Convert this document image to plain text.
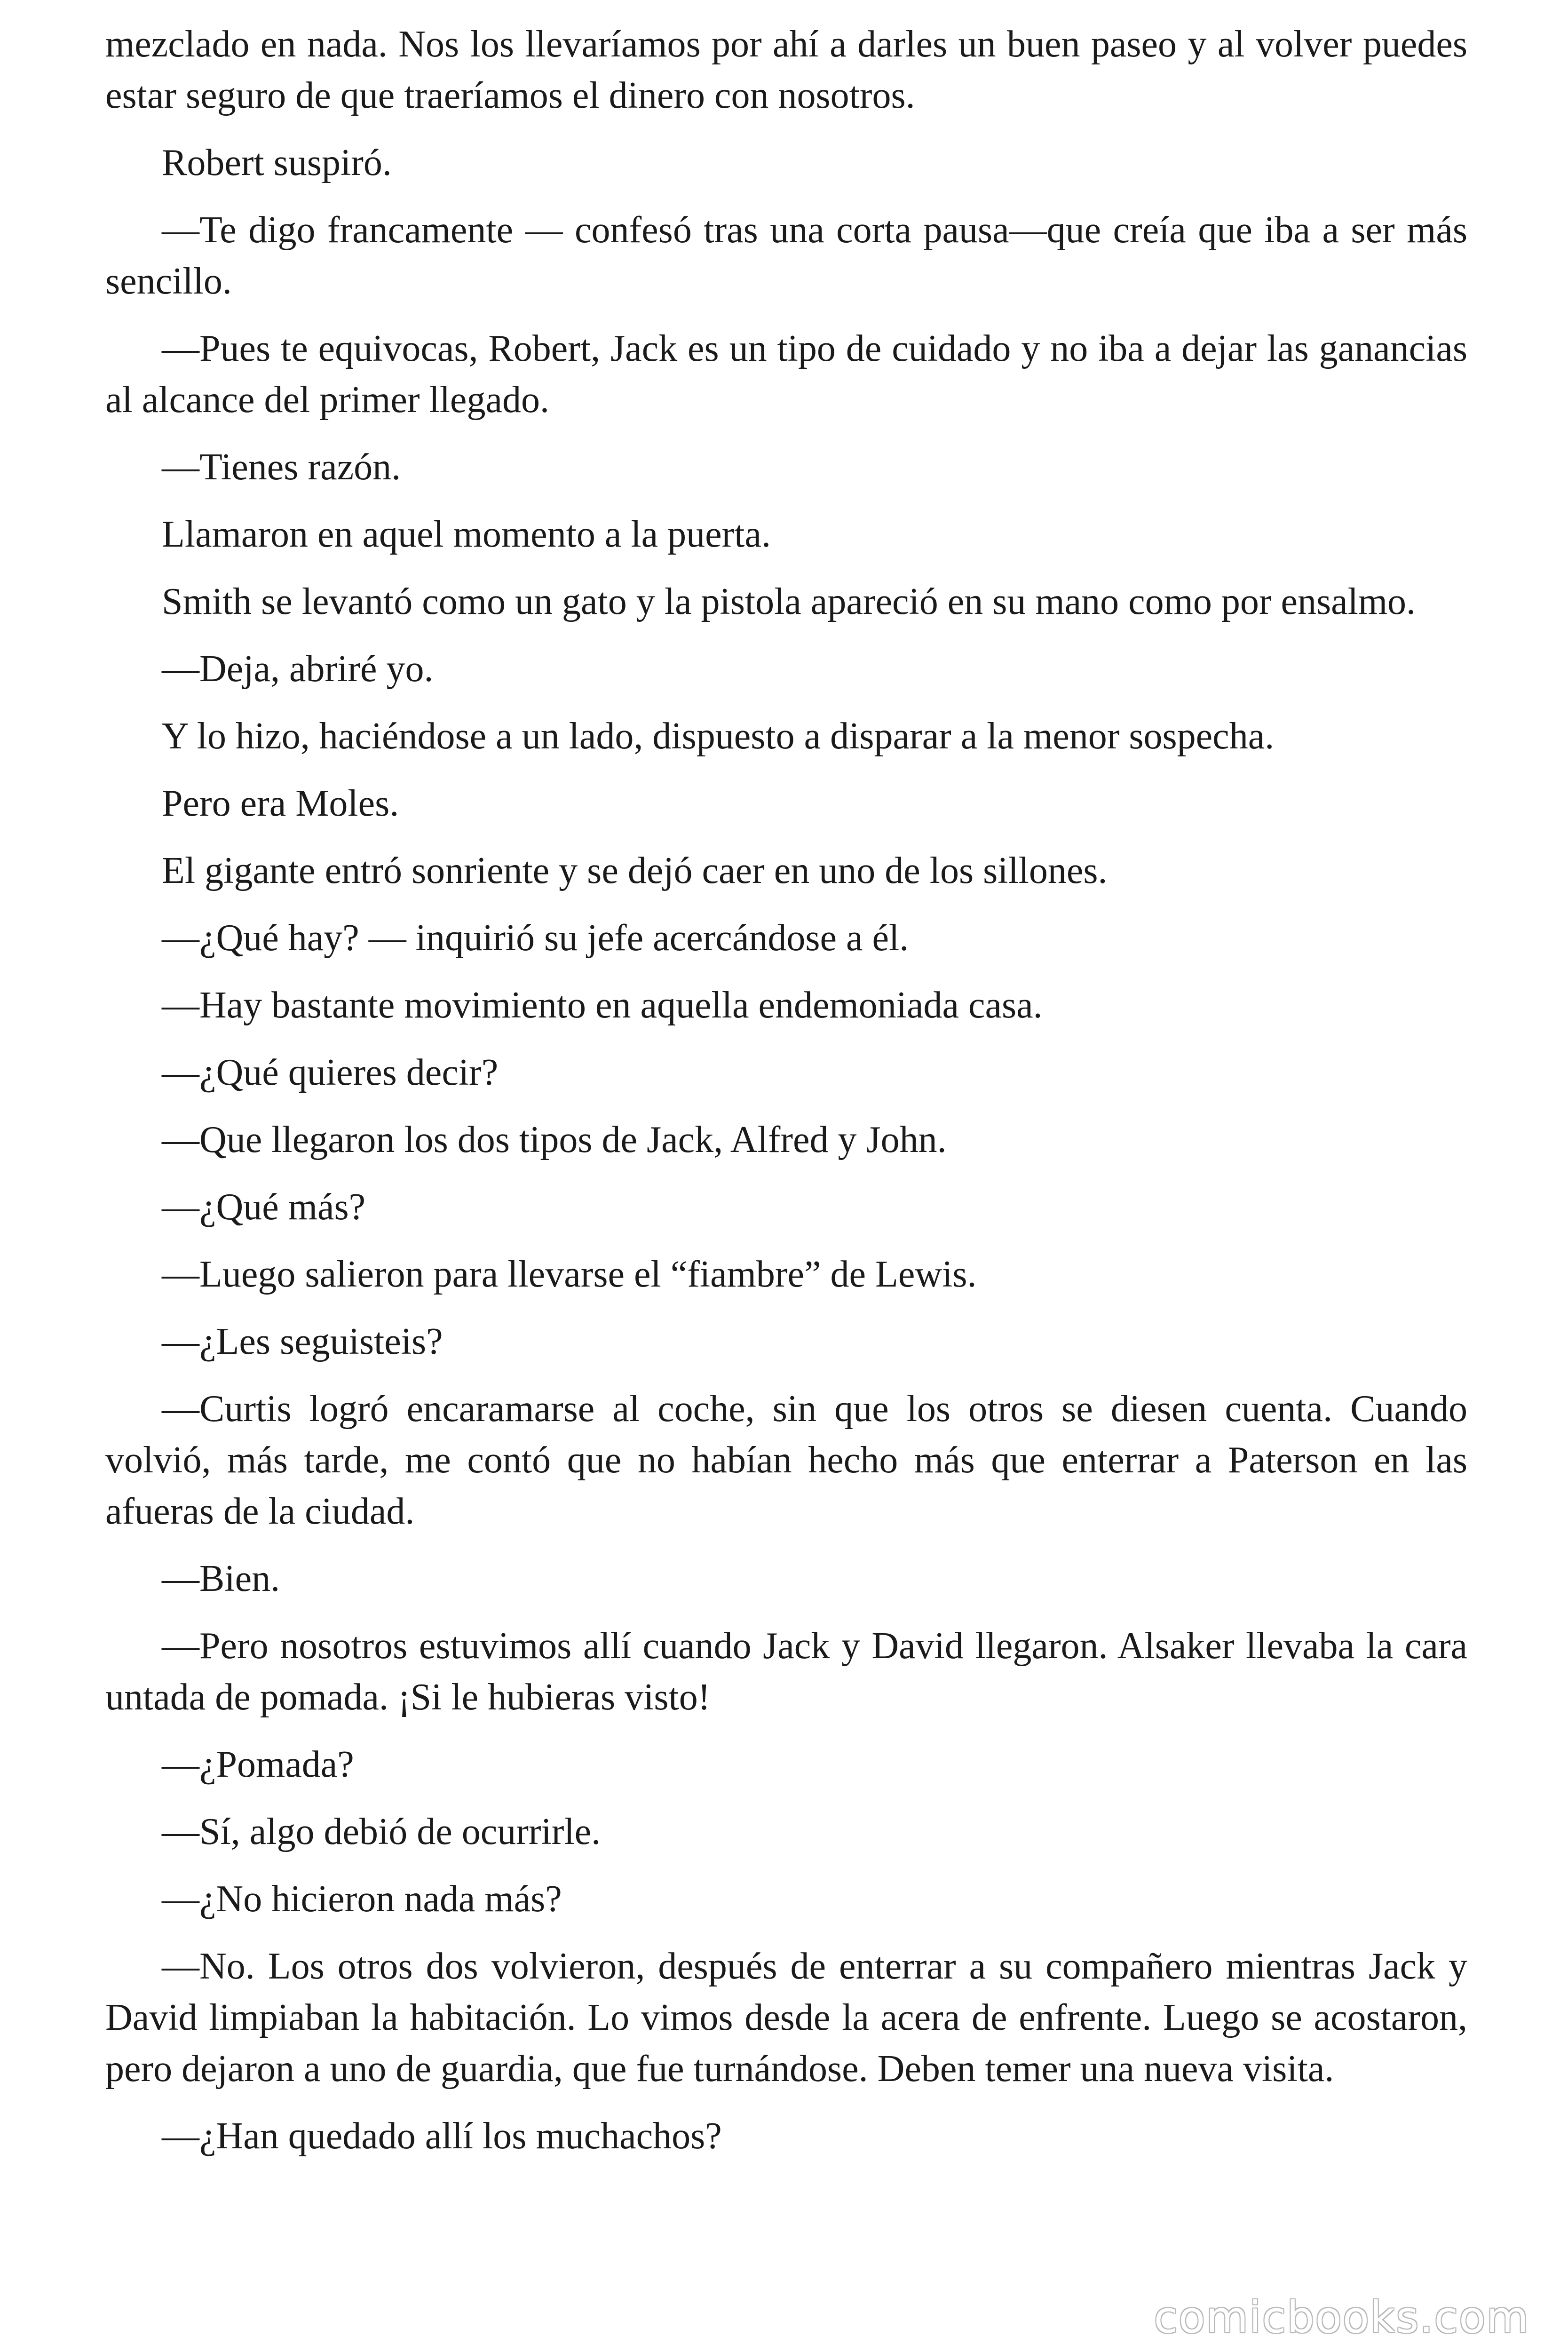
mezclado en nada. Nos los llevaríamos por ahí a darles un buen paseo y al volver puedes estar seguro de que traeríamos el dinero con nosotros.

Robert suspiró.

—Te digo francamente — confesó tras una corta pausa—que creía que iba a ser más sencillo.

—Pues te equivocas, Robert, Jack es un tipo de cuidado y no iba a dejar las ganancias al alcance del primer llegado.

—Tienes razón.

Llamaron en aquel momento a la puerta.

Smith se levantó como un gato y la pistola apareció en su mano como por ensalmo.

—Deja, abriré yo.

Y lo hizo, haciéndose a un lado, dispuesto a disparar a la menor sospecha.

Pero era Moles.

El gigante entró sonriente y se dejó caer en uno de los sillones.

—¿Qué hay? — inquirió su jefe acercándose a él.

—Hay bastante movimiento en aquella endemoniada casa.

—¿Qué quieres decir?

—Que llegaron los dos tipos de Jack, Alfred y John.

—¿Qué más?

—Luego salieron para llevarse el “fiambre” de Lewis.

—¿Les seguisteis?

—Curtis logró encaramarse al coche, sin que los otros se diesen cuenta. Cuando volvió, más tarde, me contó que no habían hecho más que enterrar a Paterson en las afueras de la ciudad.

—Bien.

—Pero nosotros estuvimos allí cuando Jack y David llegaron. Alsaker llevaba la cara untada de pomada. ¡Si le hubieras visto!

—¿Pomada?

—Sí, algo debió de ocurrirle.

—¿No hicieron nada más?

—No. Los otros dos volvieron, después de enterrar a su compañero mientras Jack y David limpiaban la habitación. Lo vimos desde la acera de enfrente. Luego se acostaron, pero dejaron a uno de guardia, que fue turnándose. Deben temer una nueva visita.

—¿Han quedado allí los muchachos?

comicbooks.com
